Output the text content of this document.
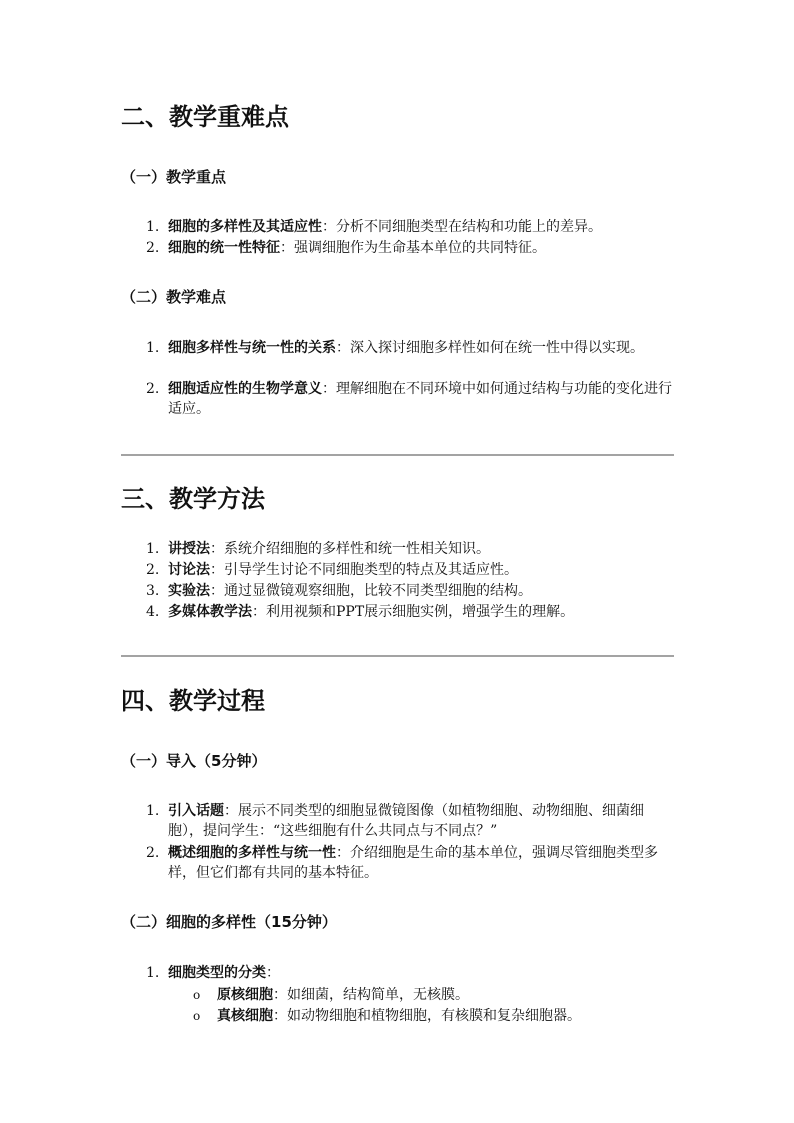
二、教学重难点
（一）教学重点
1. 细胞的多样性及其适应性：分析不同细胞类型在结构和功能上的差异。
2. 细胞的统一性特征：强调细胞作为生命基本单位的共同特征。
（二）教学难点
1. 细胞多样性与统一性的关系：深入探讨细胞多样性如何在统一性中得以实现。
2. 细胞适应性的生物学意义：理解细胞在不同环境中如何通过结构与功能的变化进行适应。
三、教学方法
1. 讲授法：系统介绍细胞的多样性和统一性相关知识。
2. 讨论法：引导学生讨论不同细胞类型的特点及其适应性。
3. 实验法：通过显微镜观察细胞，比较不同类型细胞的结构。
4. 多媒体教学法：利用视频和PPT展示细胞实例，增强学生的理解。
四、教学过程
（一）导入（5分钟）
1. 引入话题：展示不同类型的细胞显微镜图像（如植物细胞、动物细胞、细菌细胞），提问学生：“这些细胞有什么共同点与不同点？”
2. 概述细胞的多样性与统一性：介绍细胞是生命的基本单位，强调尽管细胞类型多样，但它们都有共同的基本特征。
（二）细胞的多样性（15分钟）
1. 细胞类型的分类：
o 原核细胞：如细菌，结构简单，无核膜。
o 真核细胞：如动物细胞和植物细胞，有核膜和复杂细胞器。
